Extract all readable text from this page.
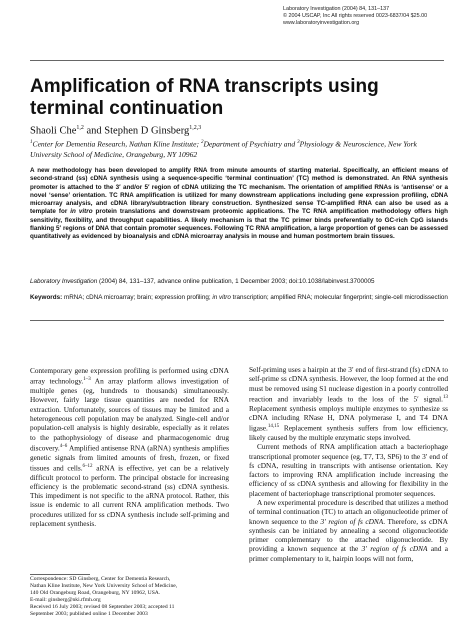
Laboratory Investigation (2004) 84, 131–137
© 2004 USCAP, Inc All rights reserved 0023-6837/04 $25.00
www.laboratoryinvestigation.org
Amplification of RNA transcripts using terminal continuation
Shaoli Che$^{1,2}$ and Stephen D Ginsberg$^{1,2,3}$
$^1$Center for Dementia Research, Nathan Kline Institute; $^2$Department of Psychiatry and $^3$Physiology & Neuroscience, New York University School of Medicine, Orangeburg, NY 10962

A new methodology has been developed to amplify RNA from minute amounts of starting material. Specifically, an efficient means of second-strand (ss) cDNA synthesis using a sequence-specific ‘terminal continuation’ (TC) method is demonstrated. An RNA synthesis promoter is attached to the 3′ and/or 5′ region of cDNA utilizing the TC mechanism. The orientation of amplified RNAs is ‘antisense’ or a novel ‘sense’ orientation. TC RNA amplification is utilized for many downstream applications including gene expression profiling, cDNA microarray analysis, and cDNA library/subtraction library construction. Synthesized sense TC-amplified RNA can also be used as a template for in vitro protein translations and downstream proteomic applications. The TC RNA amplification methodology offers high sensitivity, flexibility, and throughput capabilities. A likely mechanism is that the TC primer binds preferentially to GC-rich CpG islands flanking 5′ regions of DNA that contain promoter sequences. Following TC RNA amplification, a large proportion of genes can be assessed quantitatively as evidenced by bioanalysis and cDNA microarray analysis in mouse and human postmortem brain tissues.

Laboratory Investigation (2004) 84, 131–137, advance online publication, 1 December 2003; doi:10.1038/labinvest.3700005
Keywords: mRNA; cDNA microarray; brain; expression profiling; in vitro transcription; amplified RNA; molecular fingerprint; single-cell microdissection

Contemporary gene expression profiling is performed using cDNA array technology.$^{1-3}$ An array platform allows investigation of multiple genes (eg, hundreds to thousands) simultaneously. However, fairly large tissue quantities are needed for RNA extraction. Unfortunately, sources of tissues may be limited and a heterogeneous cell population may be analyzed. Single-cell and/or population-cell analysis is highly desirable, especially as it relates to the pathophysiology of disease and pharmacogenomic drug discovery.$^{4-6}$ Amplified antisense RNA (aRNA) synthesis amplifies genetic signals from limited amounts of fresh, frozen, or fixed tissues and cells.$^{6-12}$ aRNA is effective, yet can be a relatively difficult protocol to perform. The principal obstacle for increasing efficiency is the problematic second-strand (ss) cDNA synthesis. This impediment is not specific to the aRNA protocol. Rather, this issue is endemic to all current RNA amplification methods. Two procedures utilized for ss cDNA synthesis include self-priming and replacement synthesis.

Self-priming uses a hairpin at the 3′ end of first-strand (fs) cDNA to self-prime ss cDNA synthesis. However, the loop formed at the end must be removed using S1 nuclease digestion in a poorly controlled reaction and invariably leads to the loss of the 5′ signal.$^{13}$ Replacement synthesis employs multiple enzymes to synthesize ss cDNA including RNase H, DNA polymerase I, and T4 DNA ligase.$^{14,15}$ Replacement synthesis suffers from low efficiency, likely caused by the multiple enzymatic steps involved.

Current methods of RNA amplification attach a bacteriophage transcriptional promoter sequence (eg, T7, T3, SP6) to the 3′ end of fs cDNA, resulting in transcripts with antisense orientation. Key factors to improving RNA amplification include increasing the efficiency of ss cDNA synthesis and allowing for flexibility in the placement of bacteriophage transcriptional promoter sequences.

A new experimental procedure is described that utilizes a method of terminal continuation (TC) to attach an oligonucleotide primer of known sequence to the 3′ region of fs cDNA. Therefore, ss cDNA synthesis can be initiated by annealing a second oligonucleotide primer complementary to the attached oligonucleotide. By providing a known sequence at the 3′ region of fs cDNA and a primer complementary to it, hairpin loops will not form,

Correspondence: SD Ginsberg, Center for Dementia Research,
Nathan Kline Institute, New York University School of Medicine,
140 Old Orangeburg Road, Orangeburg, NY 10962, USA.
E-mail: ginsberg@nki.rfmh.org
Received 16 July 2003; revised 08 September 2003; accepted 11
September 2003; published online 1 December 2003
